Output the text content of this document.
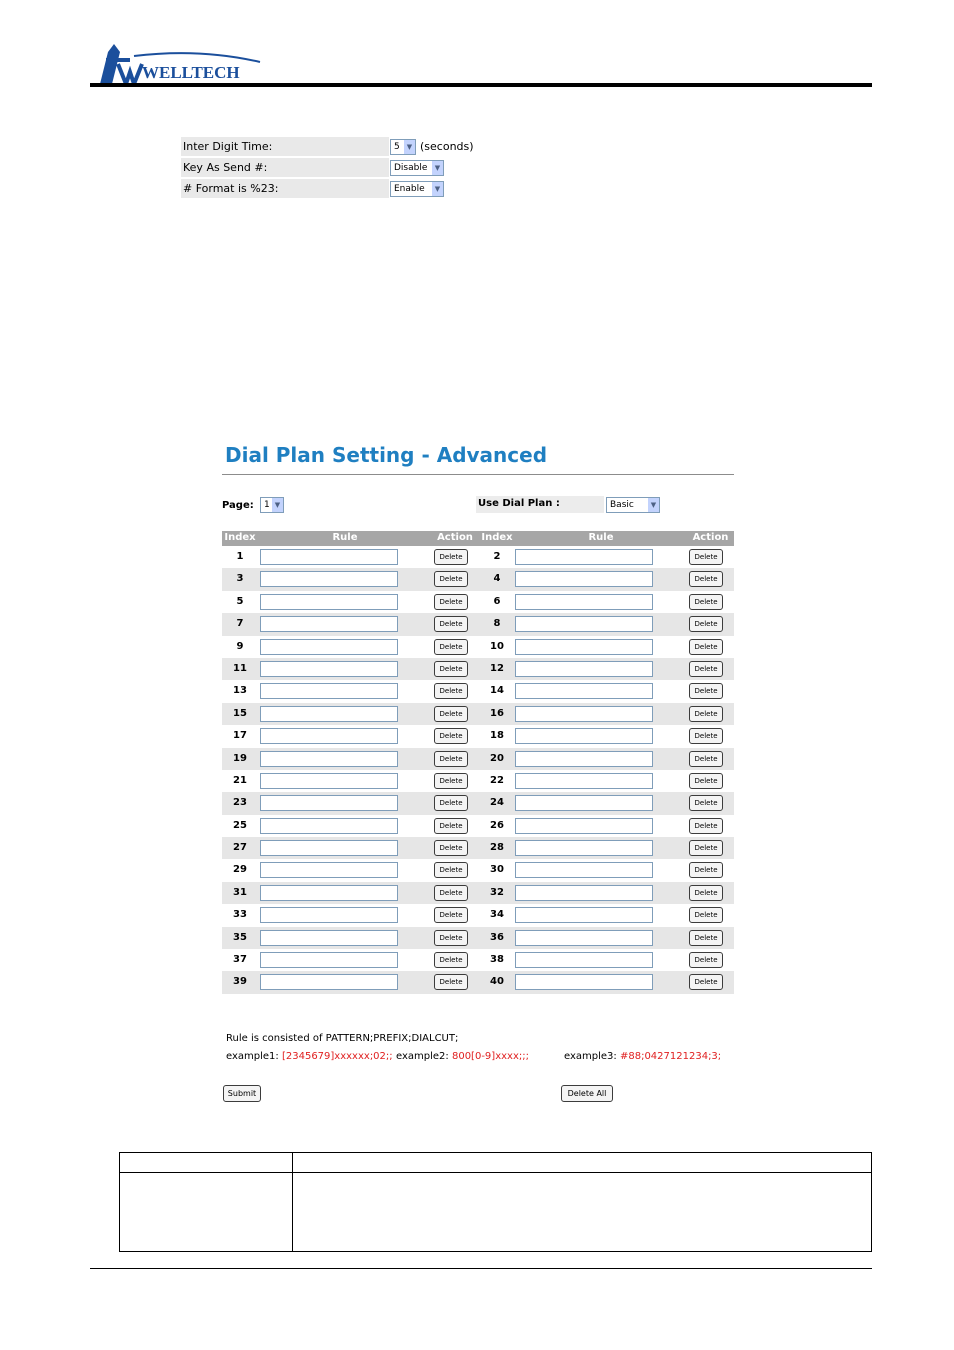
WELLTECH
Inter Digit Time:	5	▼ (seconds)
Key As Send #:	Disable	▼
# Format is %23:	Enable	▼
Dial Plan Setting - Advanced
Page: 1 ▼	Use Dial Plan :	Basic	▼
Index	Rule	Action Index	Rule	Action
1	Delete	2	Delete
3	Delete	4	Delete
5	Delete	6	Delete
7	Delete	8	Delete
9	Delete	10	Delete
11	Delete	12	Delete
13	Delete	14	Delete
15	Delete	16	Delete
17	Delete	18	Delete
19	Delete	20	Delete
21	Delete	22	Delete
23	Delete	24	Delete
25	Delete	26	Delete
27	Delete	28	Delete
29	Delete	30	Delete
31	Delete	32	Delete
33	Delete	34	Delete
35	Delete	36	Delete
37	Delete	38	Delete
39	Delete	40	Delete
Rule is consisted of PATTERN;PREFIX;DIALCUT;
example1: [2345679]xxxxxx;02;; example2: 800[0-9]xxxx;;;	example3: #88;0427121234;3;
Submit	Delete All
